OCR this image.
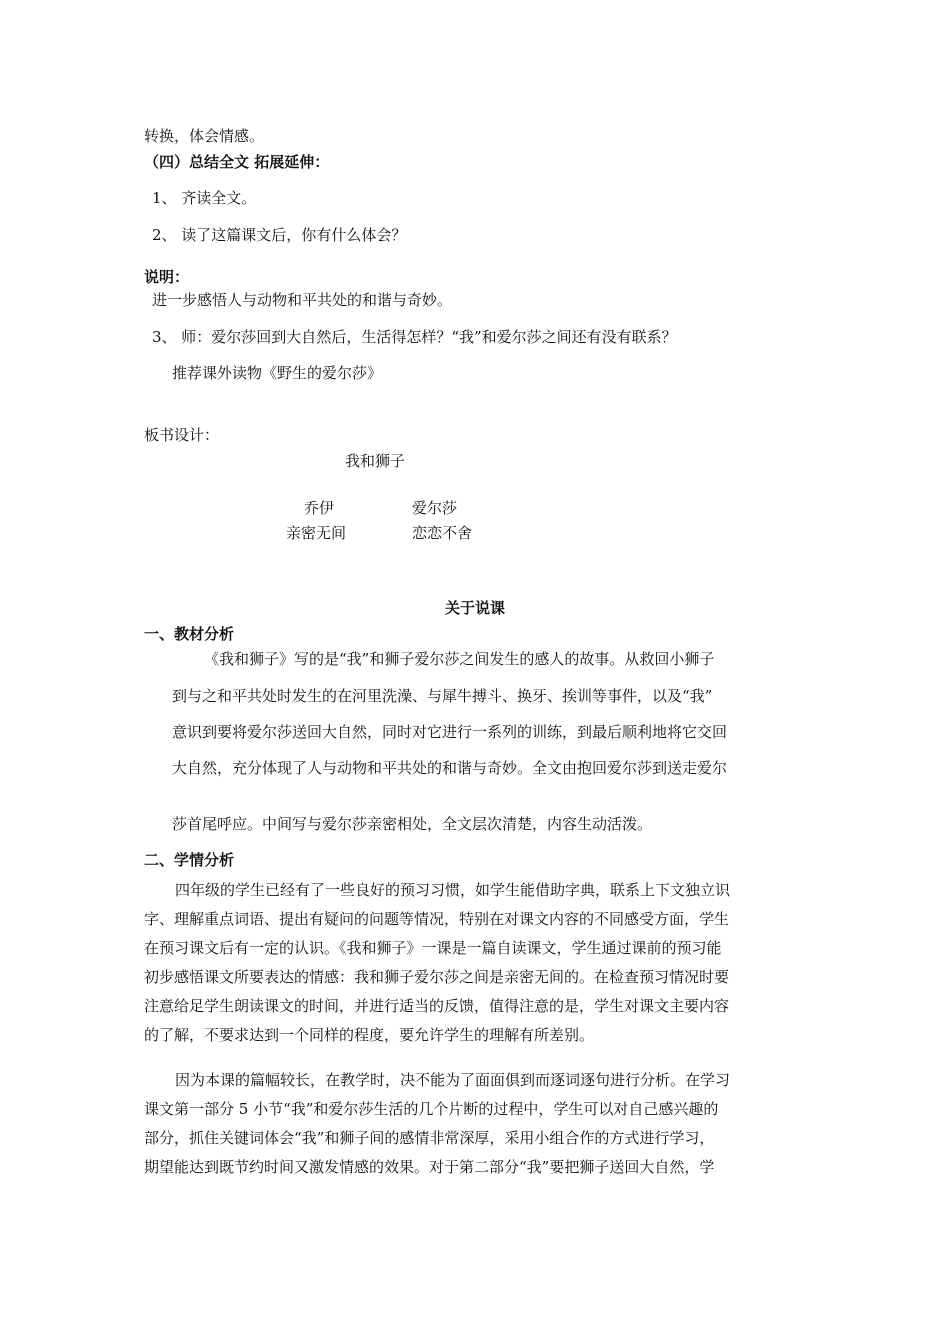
转换，体会情感。
（四）总结全文 拓展延伸：
1、 齐读全文。
2、 读了这篇课文后，你有什么体会？
说明：
进一步感悟人与动物和平共处的和谐与奇妙。
3、 师：爱尔莎回到大自然后，生活得怎样？“我”和爱尔莎之间还有没有联系？
推荐课外读物《野生的爱尔莎》
板书设计：
我和狮子
乔伊	爱尔莎
亲密无间	恋恋不舍
关于说课
一、教材分析
《我和狮子》写的是“我”和狮子爱尔莎之间发生的感人的故事。从救回小狮子
到与之和平共处时发生的在河里洗澡、与犀牛搏斗、换牙、挨训等事件，以及“我”
意识到要将爱尔莎送回大自然，同时对它进行一系列的训练，到最后顺利地将它交回
大自然，充分体现了人与动物和平共处的和谐与奇妙。全文由抱回爱尔莎到送走爱尔
莎首尾呼应。中间写与爱尔莎亲密相处，全文层次清楚，内容生动活泼。
二、学情分析
四年级的学生已经有了一些良好的预习习惯，如学生能借助字典，联系上下文独立识
字、理解重点词语、提出有疑问的问题等情况，特别在对课文内容的不同感受方面，学生
在预习课文后有一定的认识。《我和狮子》一课是一篇自读课文，学生通过课前的预习能
初步感悟课文所要表达的情感：我和狮子爱尔莎之间是亲密无间的。在检查预习情况时要
注意给足学生朗读课文的时间，并进行适当的反馈，值得注意的是，学生对课文主要内容
的了解，不要求达到一个同样的程度，要允许学生的理解有所差别。
因为本课的篇幅较长，在教学时，决不能为了面面俱到而逐词逐句进行分析。在学习
课文第一部分 5 小节“我”和爱尔莎生活的几个片断的过程中，学生可以对自己感兴趣的
部分，抓住关键词体会“我”和狮子间的感情非常深厚，采用小组合作的方式进行学习，
期望能达到既节约时间又激发情感的效果。对于第二部分“我”要把狮子送回大自然，学
